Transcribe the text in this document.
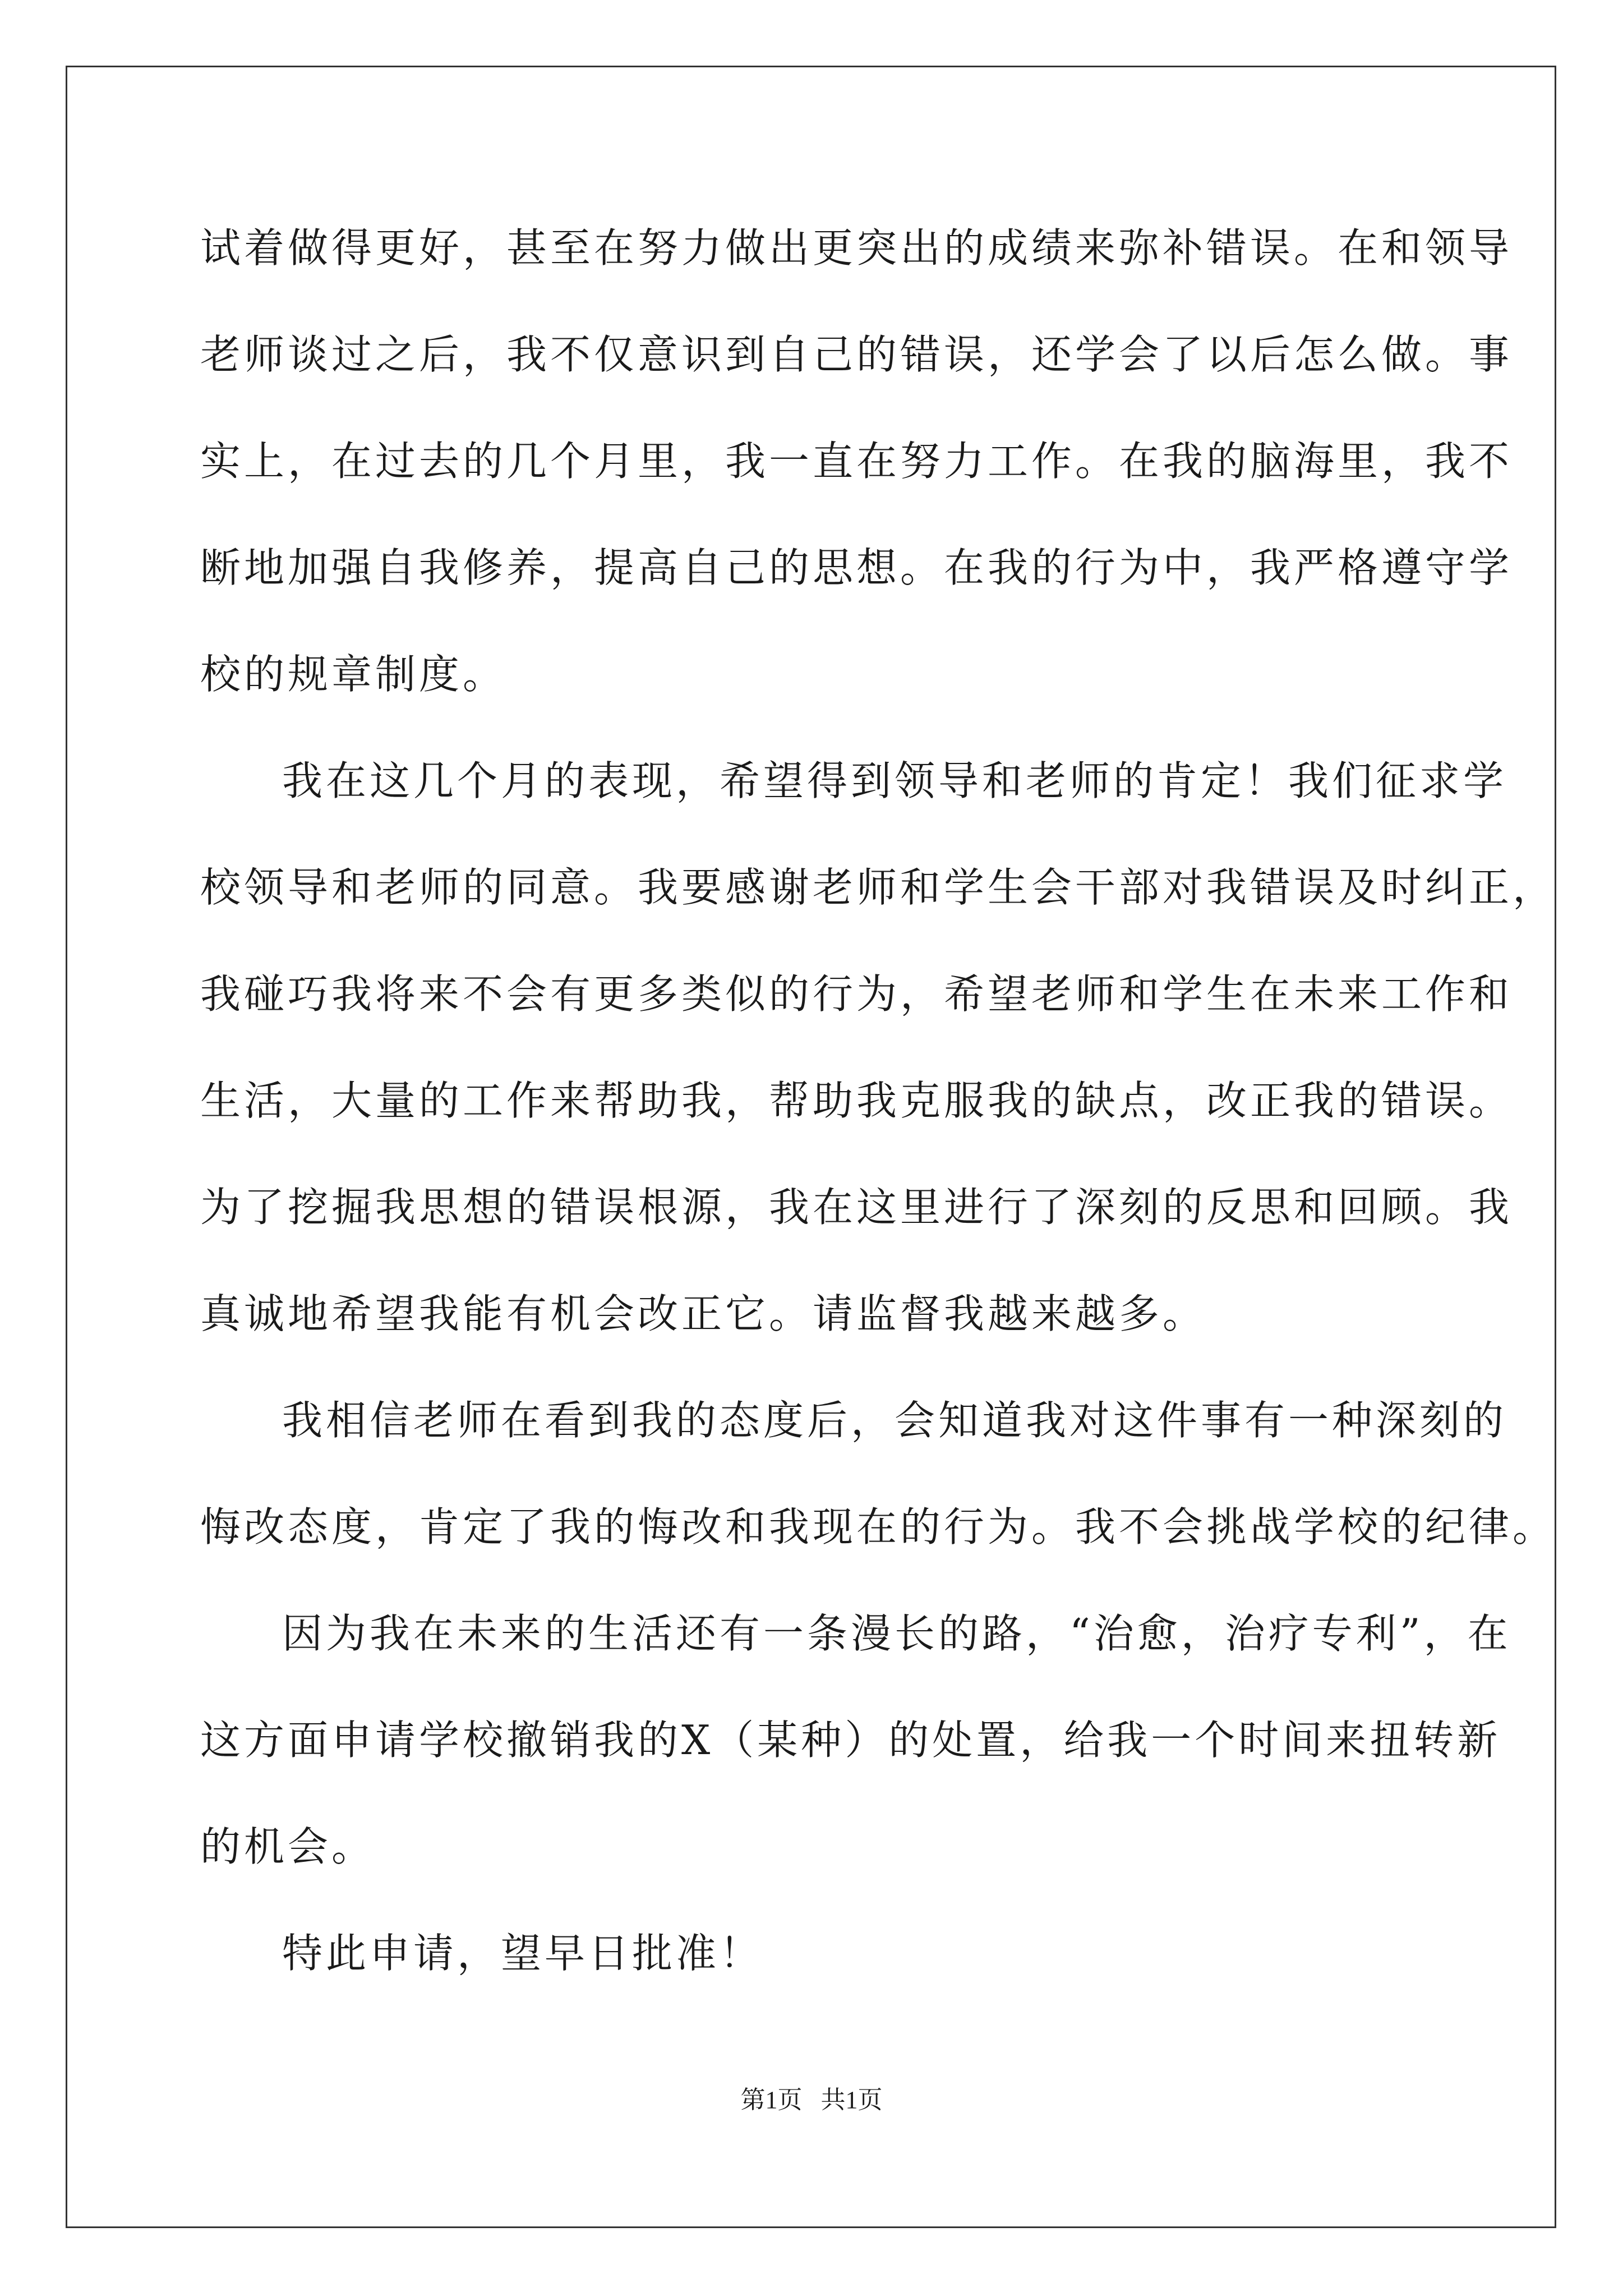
试着做得更好，甚至在努力做出更突出的成绩来弥补错误。在和领导
老师谈过之后，我不仅意识到自己的错误，还学会了以后怎么做。事
实上，在过去的几个月里，我一直在努力工作。在我的脑海里，我不
断地加强自我修养，提高自己的思想。在我的行为中，我严格遵守学
校的规章制度。
我在这几个月的表现，希望得到领导和老师的肯定！我们征求学
校领导和老师的同意。我要感谢老师和学生会干部对我错误及时纠正，
我碰巧我将来不会有更多类似的行为，希望老师和学生在未来工作和
生活，大量的工作来帮助我，帮助我克服我的缺点，改正我的错误。
为了挖掘我思想的错误根源，我在这里进行了深刻的反思和回顾。我
真诚地希望我能有机会改正它。请监督我越来越多。
我相信老师在看到我的态度后，会知道我对这件事有一种深刻的
悔改态度，肯定了我的悔改和我现在的行为。我不会挑战学校的纪律。
因为我在未来的生活还有一条漫长的路，“治愈，治疗专利”，在
这方面申请学校撤销我的X（某种）的处置，给我一个时间来扭转新
的机会。
特此申请，望早日批准！
第1页   共1页
